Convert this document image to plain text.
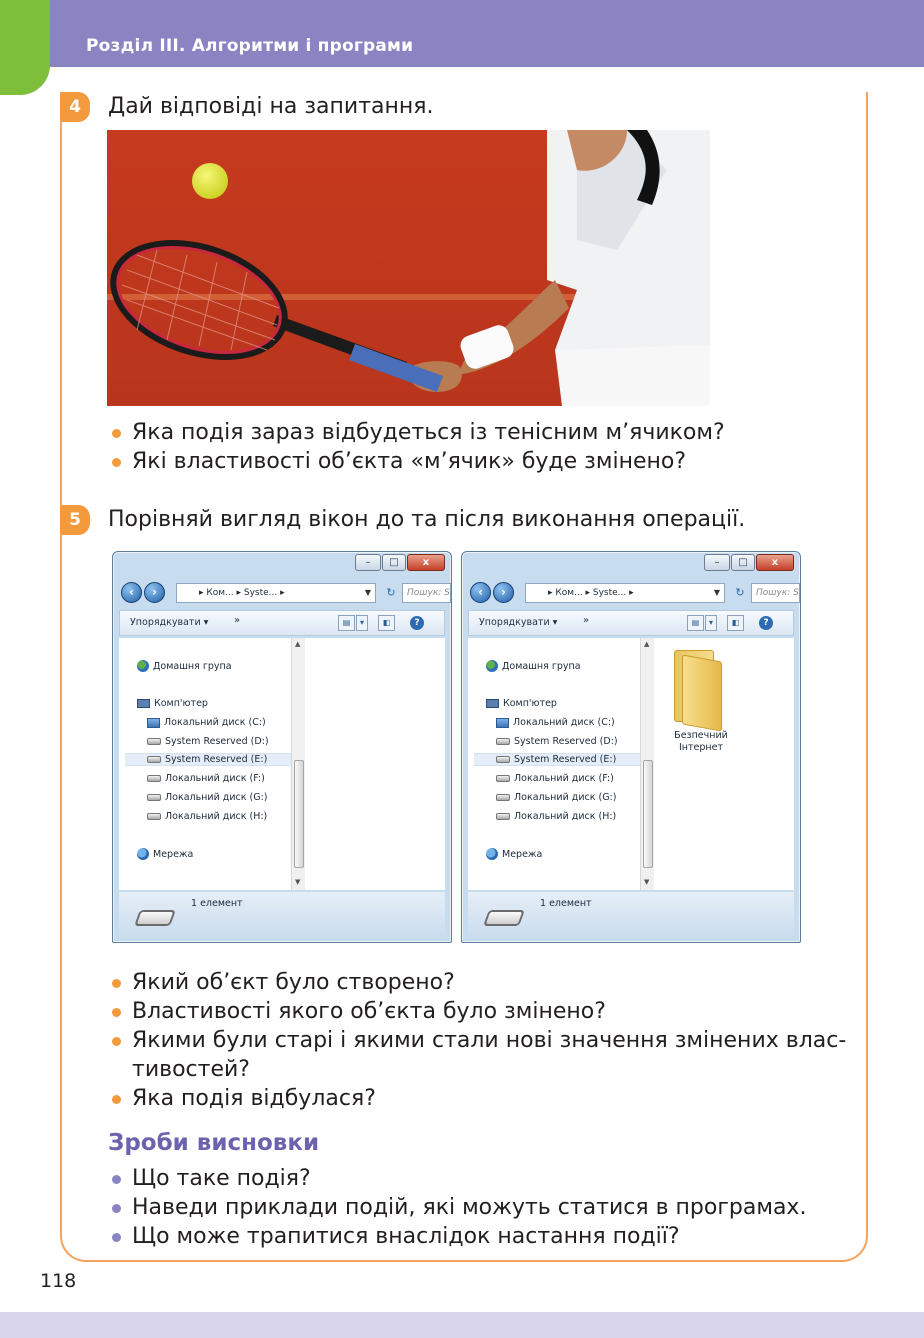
Розділ ІІІ. Алгоритми і програми
4	Дай відповіді на запитання.
Яка подія зараз відбудеться із тенісним м’ячиком?
Які властивості об’єкта «м’ячик» буде змінено?
5	Порівняй вигляд вікон до та після виконання операції.
–	□	x
‹	›	▸ Ком... ▸ Syste... ▸	▼	↻	Пошук: S
Упорядкувати ▾	»	▤	▾	◧	?
Домашня група
Комп'ютер
Локальний диск (C:)
System Reserved (D:)
System Reserved (E:)
Локальний диск (F:)
Локальний диск (G:)
Локальний диск (H:)
Мережа
▲
▼
1 елемент
–	□	x
‹	›	▸ Ком... ▸ Syste... ▸	▼	↻	Пошук: S
Упорядкувати ▾	»	▤	▾	◧	?
Домашня група
Комп'ютер
Локальний диск (C:)
System Reserved (D:)
System Reserved (E:)
Локальний диск (F:)
Локальний диск (G:)
Локальний диск (H:)
Мережа
▲
▼
Безпечний
Інтернет
1 елемент
Який об’єкт було створено?
Властивості якого об’єкта було змінено?
Якими були старі і якими стали нові значення змінених влас-
тивостей?
Яка подія відбулася?
Зроби висновки
Що таке подія?
Наведи приклади подій, які можуть статися в програмах.
Що може трапитися внаслідок настання події?
118
